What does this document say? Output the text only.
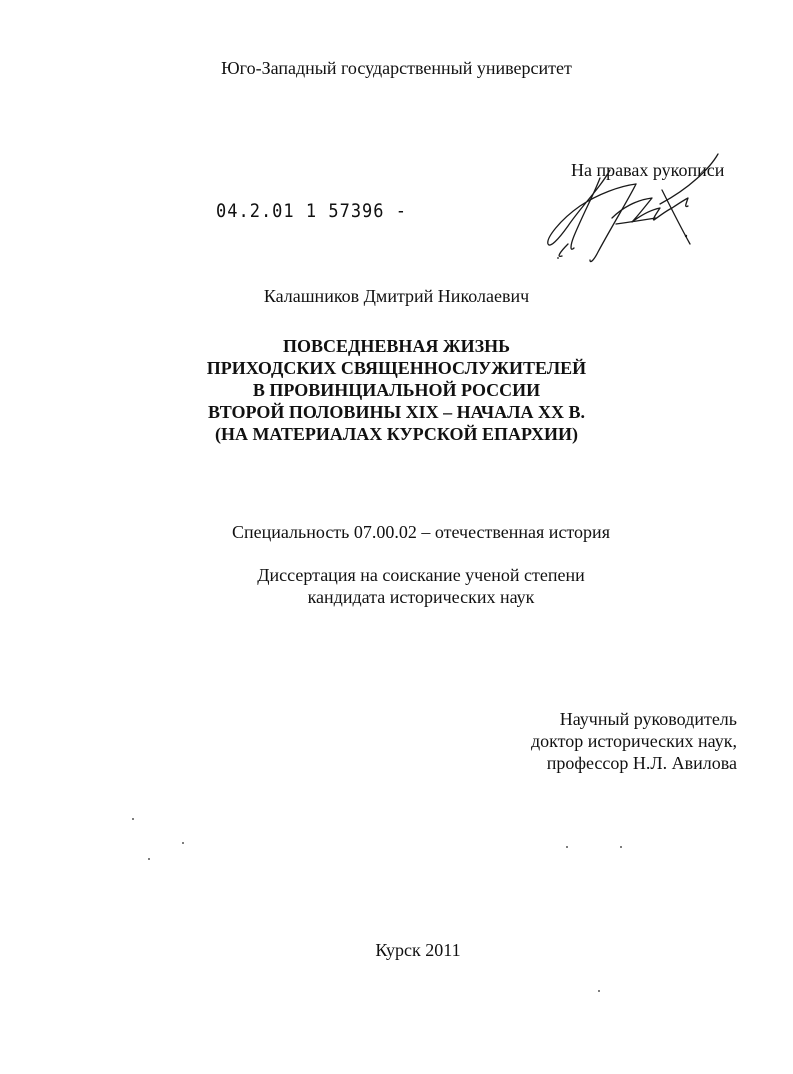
Юго-Западный государственный университет
На правах рукописи
04.2.01 1 57396 -
Калашников Дмитрий Николаевич
ПОВСЕДНЕВНАЯ ЖИЗНЬ
ПРИХОДСКИХ СВЯЩЕННОСЛУЖИТЕЛЕЙ
В ПРОВИНЦИАЛЬНОЙ РОССИИ
ВТОРОЙ ПОЛОВИНЫ XIX – НАЧАЛА XX В.
(НА МАТЕРИАЛАХ КУРСКОЙ ЕПАРХИИ)
Специальность 07.00.02 – отечественная история
Диссертация на соискание ученой степени
кандидата исторических наук
Научный руководитель
доктор исторических наук,
профессор Н.Л. Авилова
Курск 2011
